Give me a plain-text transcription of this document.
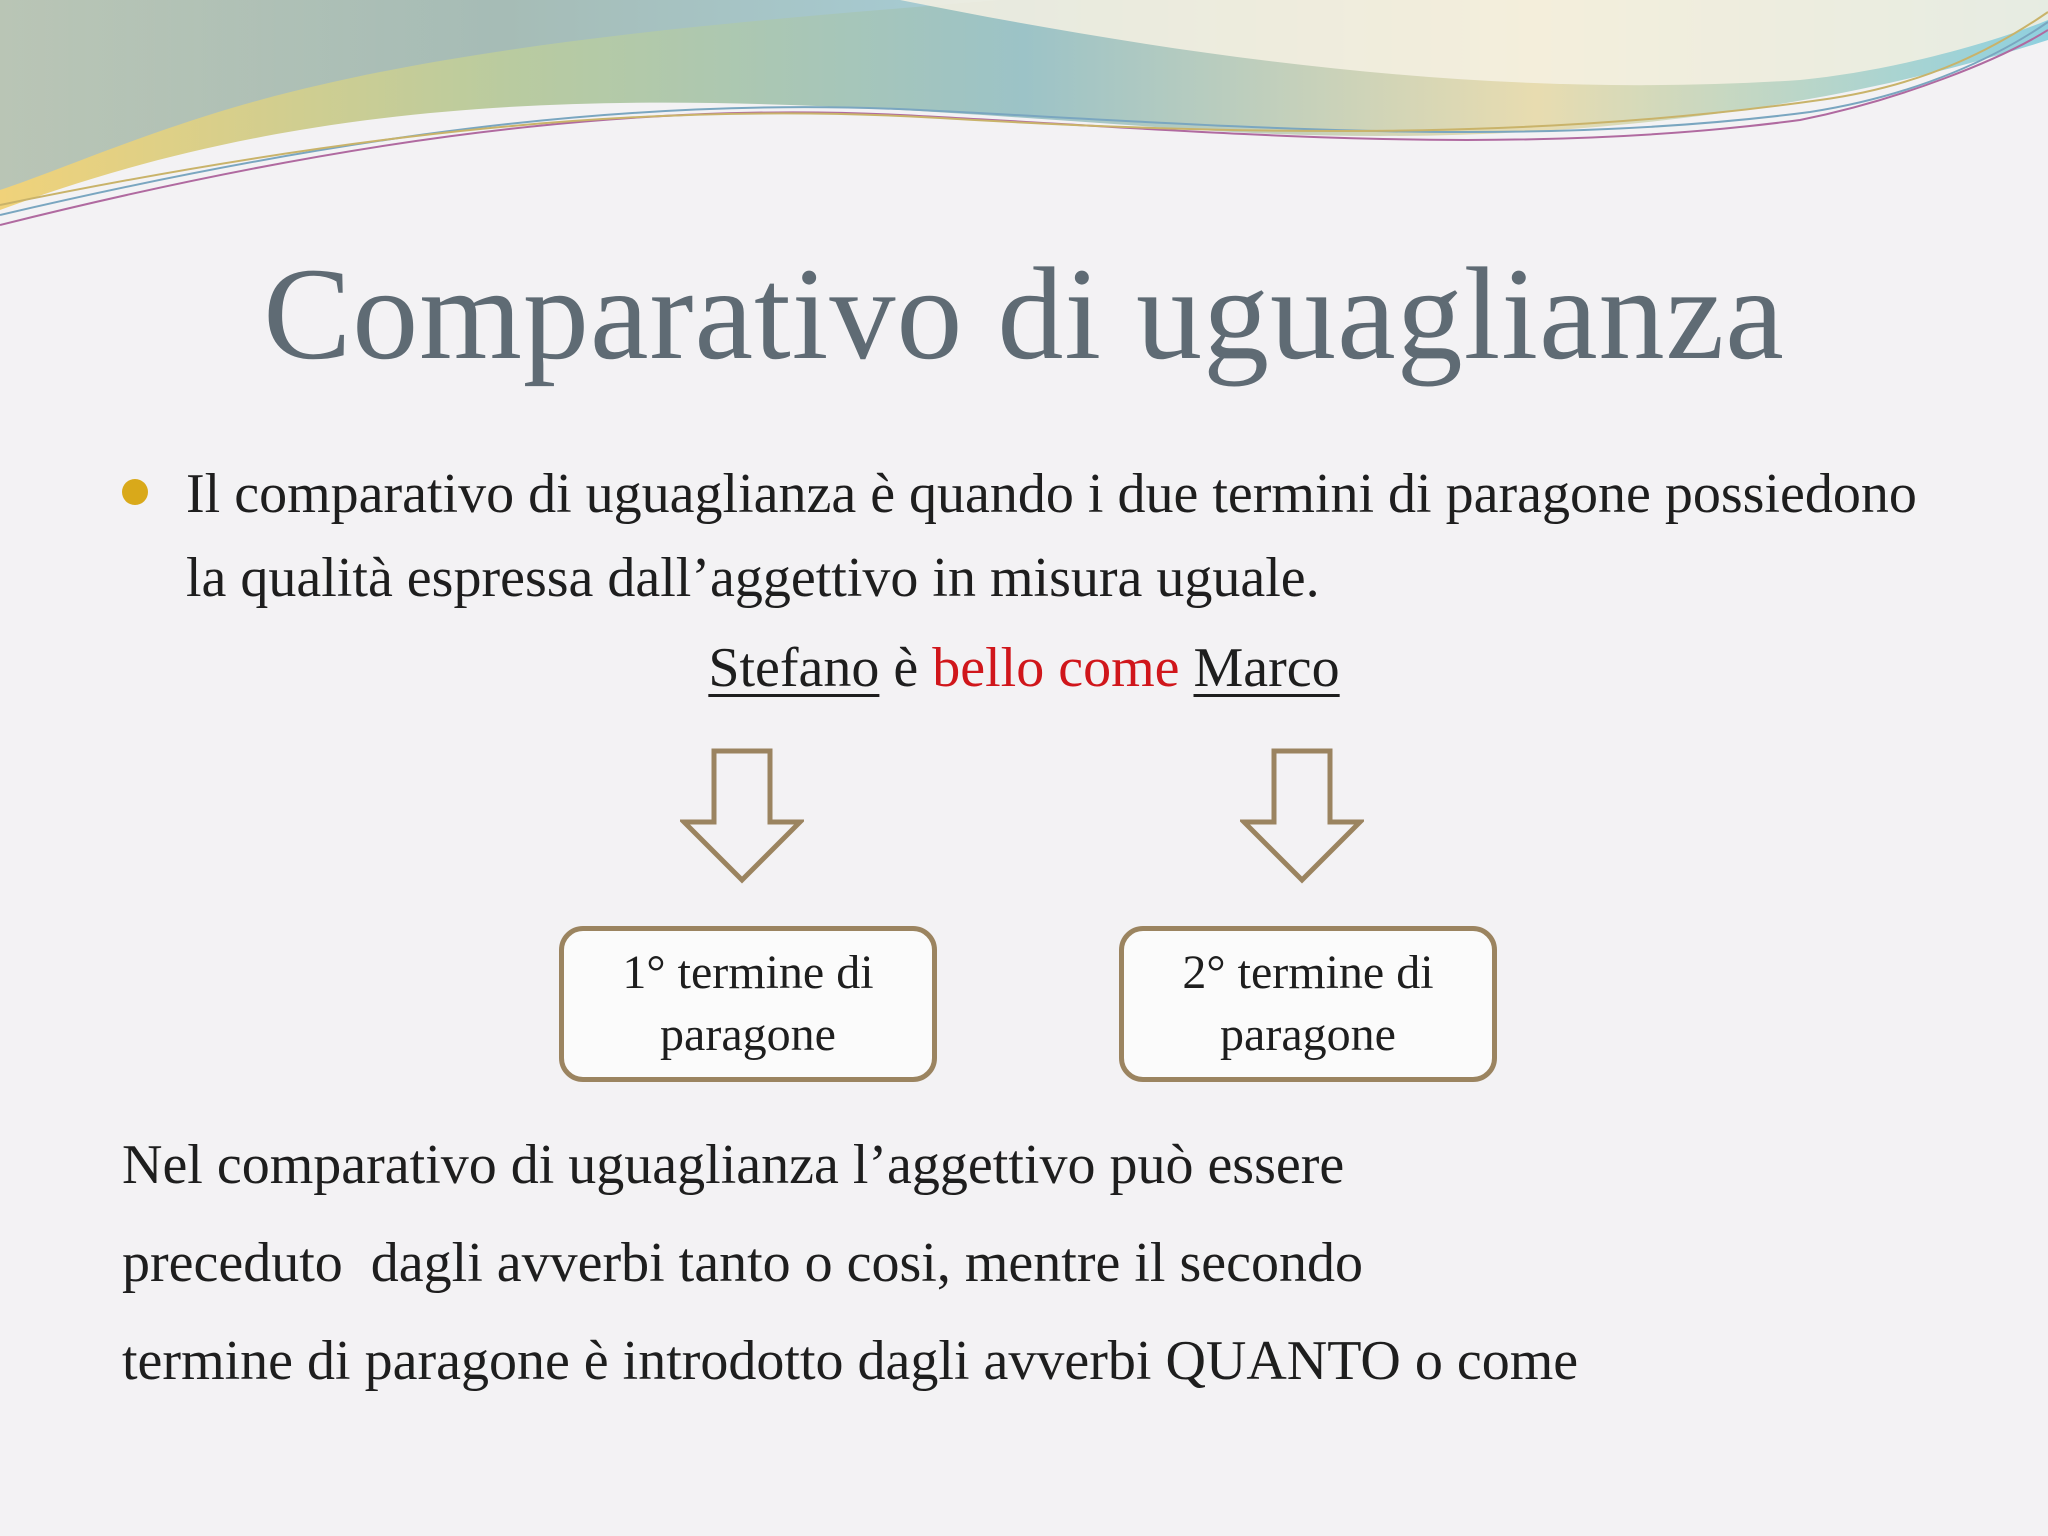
Comparativo di uguaglianza
Il comparativo di uguaglianza è quando i due termini di paragone possiedono la qualità espressa dall’aggettivo in misura uguale.
Stefano è bello come Marco
1° termine di paragone
2° termine di paragone
Nel comparativo di uguaglianza l’aggettivo può essere
preceduto  dagli avverbi tanto o cosi, mentre il secondo
termine di paragone è introdotto dagli avverbi QUANTO o come
